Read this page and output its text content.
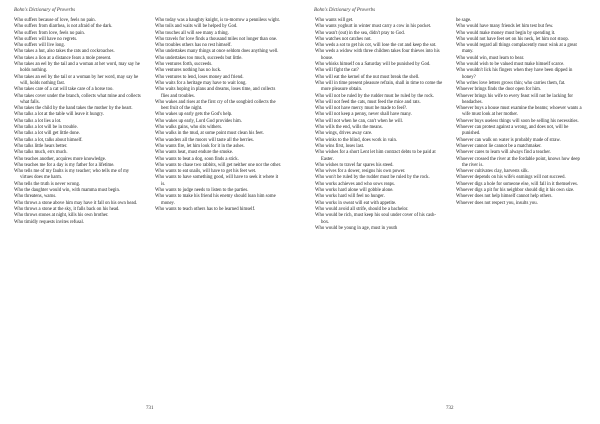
Bohn's Dictionary of Proverbs

Who suffers because of love, feels no pain.

Who suffers from diarrhea, is not afraid of the dark.

Who suffers from love, feels no pain.

Who suffers will have no regrets.

Who suffers will live long.

Who takes a hut, also takes the rats and cockroaches.

Who takes a lion at a distance fears a mole present.

Who takes an eel by the tail and a woman at her word, may say he holds nothing.

Who takes an eel by the tail or a woman by her word, may say he will, holds nothing fast.

Who takes care of a cat will take care of a horse too.

Who takes cover under the branch, collects what mine and collects what falls.

Who takes the child by the hand takes the mother by the heart.

Who talks a lot at the table will leave it hungry.

Who talks a lot lies a lot.

Who talks a lot will be in trouble.

Who talks a lot will get little done.

Who talks a lot, talks about himself.

Who talks little hears better.

Who talks much, errs much.

Who teaches another, acquires more knowledge.

Who teaches me for a day is my father for a lifetime.

Who tells me of my faults is my teacher; who tells me of my virtues does me harm.

Who tells the truth is never wrong.

Who the daughter would win, with mamma must begin.

Who threatens, warns.

Who throws a stone above him may have it fall on his own head.

Who throws a stone at the sky, it falls back on his head.

Who throws stones at night, kills his own brother.

Who timidly requests invites refusal.

Who today was a haughty knight, is to-morrow a penniless wight.

Who toils and waits will be helped by God.

Who touches all will see many a thing.

Who travels for love finds a thousand miles not longer than one.

Who troubles others has no rest himself.

Who undertakes many things at once seldom does anything well.

Who undertakes too much, succeeds but little.

Who ventures forth, succeeds.

Who ventures nothing has no luck.

Who ventures to lend, loses money and friend.

Who waits for a heritage may have to wait long.

Who waits hoping in plans and dreams, loses time, and collects flies and troubles.

Who wakes and rises at the first cry of the songbird collects the best fruit of the night.

Who wakes up early gets the God's help.

Who wakes up early, Lord God provides him.

Who walks gains, who sits withers.

Who walks in the mud, at some point must clean his feet.

Who wanders all the moors will taste all the berries.

Who wants fire, let him look for it in the ashes.

Who wants heat, must endure the smoke.

Who wants to beat a dog, soon finds a stick.

Who wants to chase two rabbits, will get neither one nor the other.

Who wants to eat snails, will have to get his feet wet.

Who wants to have something good, will have to seek it where it is.

Who wants to judge needs to listen to the parties.

Who wants to make his friend his enemy should loan him some money.

Who wants to teach others has to be learned himself.

731
Bohn's Dictionary of Proverbs

Who wants will get.

Who wants yoghurt in winter must carry a cow in his pocket.

Who wasn't (out) in the sea, didn't pray to God.

Who watches not catches not.

Who weds a sot to get his cot, will lose the cot and keep the sot.

Who weds a widow with three children takes four thieves into his house.

Who whisks himself on a Saturday will be punished by God.

Who will fight the cat?

Who will eat the kernel of the nut must break the shell.

Who will in time present pleasure refrain, shall in time to come the more pleasure obtain.

Who will not be ruled by the rudder must be ruled by the rock.

Who will not feed the cats, must feed the mice and rats.

Who will not have mercy must be made to feel?.

Who will not keep a penny, never shall have many.

Who will not when he can, can't when he will.

Who wills the end, wills the means.

Who wings, drives away care.

Who winks to the blind, does work in vain.

Who wins first, loses last.

Who wishes for a short Lent let him contract debts to be paid at Easter.

Who wishes to travel far spares his steed.

Who wives for a dower, resigns his own power.

Who won't be ruled by the rudder must be ruled by the rock.

Who works achieves and who sows reaps.

Who works hard alone will gobble alone.

Who works hard will feel no hunger.

Who works in sweat will eat with appetite.

Who would avoid all strife, should be a bachelor.

Who would be rich, must keep his soul under cover of his cash-box.

Who would be young in age, must in youth

be sage.

Who would have many friends let him test but few.

Who would make money must begin by spending it.

Who would not have feet set on his neck, let him not stoop.

Who would regard all things complacently must wink at a great many.

Who would win, must learn to bear.

Who would wish to be valued must make himself scarce.

Who wouldn't lick his fingers when they have been dipped in honey?

Who writes love letters grows thin; who carries them, fat.

Whoever brings finds the door open for him.

Whoever brings his wife to every feast will not be lacking for headaches.

Whoever buys a house must examine the beams; whoever wants a wife must look at her mother.

Whoever buys useless things will soon be selling his necessities.

Whoever can protest against a wrong, and does not, will be punished.

Whoever can walk on water is probably made of straw.

Whoever cannot lie cannot be a matchmaker.

Whoever cares to learn will always find a teacher.

Whoever crossed the river at the fordable point, knows how deep the river is.

Whoever cultivates clay, harvests silk.

Whoever depends on his wife's earnings will not succeed.

Whoever digs a hole for someone else, will fall in it themselves.

Whoever digs a pit for his neighbor should dig it his own size.

Whoever does not help himself cannot help others.

Whoever does not respect you, insults you.

732
